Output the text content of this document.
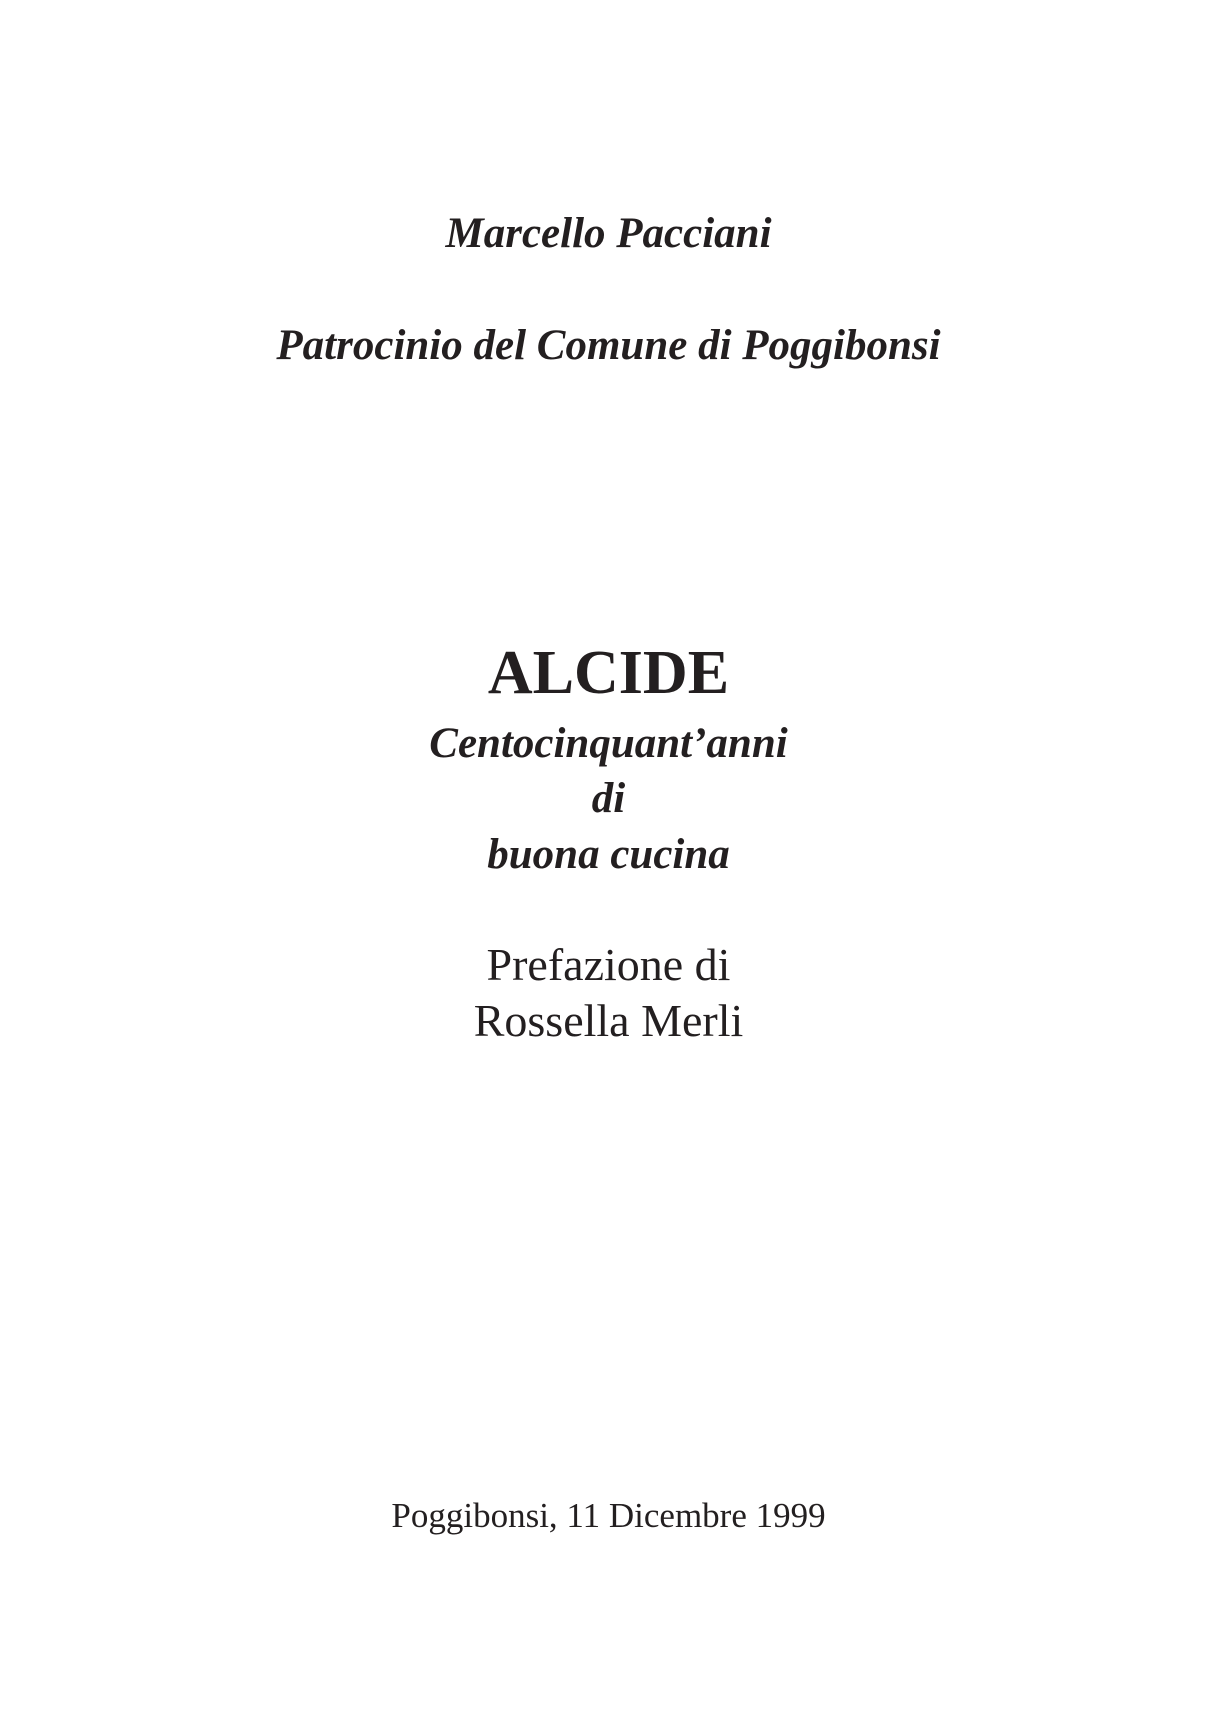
Marcello Pacciani
Patrocinio del Comune di Poggibonsi
ALCIDE
Centocinquant’anni
di
buona cucina
Prefazione di
Rossella Merli
Poggibonsi, 11 Dicembre 1999
